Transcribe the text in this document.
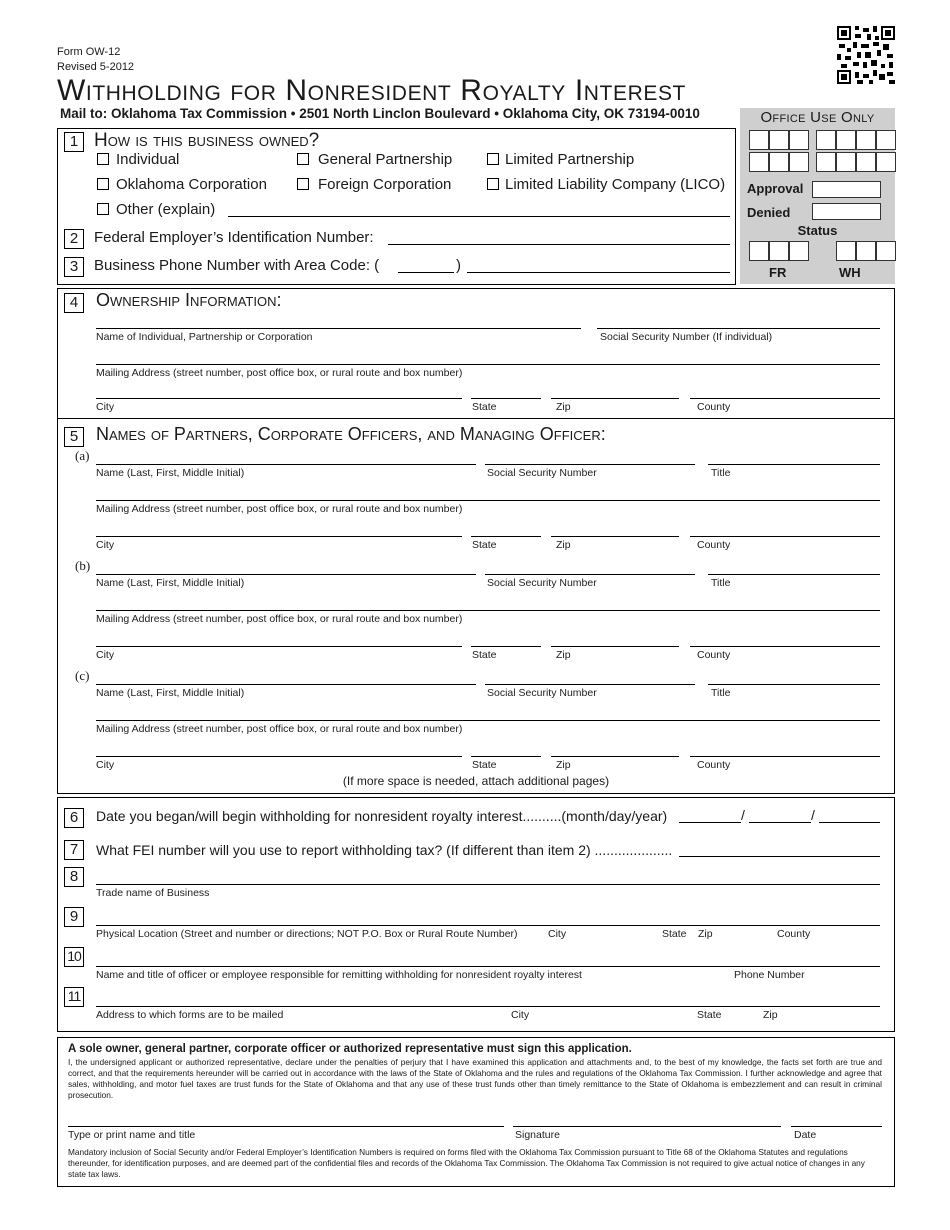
Form OW-12
Revised 5-2012
Withholding for Nonresident Royalty Interest
Mail to: Oklahoma Tax Commission • 2501 North Linclon Boulevard • Oklahoma City, OK 73194-0010	Office Use Only
Approval
Denied
Status
FR	WH
1 How is this business owned?
Individual	General Partnership	Limited Partnership
Oklahoma Corporation	Foreign Corporation	Limited Liability Company (LICO)
Other (explain)
2	Federal Employer’s Identification Number:
3	Business Phone Number with Area Code: (	)
4 Ownership Information:
Name of Individual, Partnership or Corporation	Social Security Number (If individual)
Mailing Address (street number, post office box, or rural route and box number)
City	State	Zip	County
5 Names of Partners, Corporate Officers, and Managing Officer:
(a)
Name (Last, First, Middle Initial)	Social Security Number	Title
Mailing Address (street number, post office box, or rural route and box number)
City	State	Zip	County
(b)
Name (Last, First, Middle Initial)	Social Security Number	Title
Mailing Address (street number, post office box, or rural route and box number)
City	State	Zip	County
(c)
Name (Last, First, Middle Initial)	Social Security Number	Title
Mailing Address (street number, post office box, or rural route and box number)
City	State	Zip	County
(If more space is needed, attach additional pages)
6	Date you began/will begin withholding for nonresident royalty interest..........(month/day/year)	/	/
7	What FEI number will you use to report withholding tax? (If different than item 2) ....................
8
Trade name of Business
9
Physical Location (Street and number or directions; NOT P.O. Box or Rural Route Number)	City	State Zip	County
10
Name and title of officer or employee responsible for remitting withholding for nonresident royalty interest	Phone Number
11
Address to which forms are to be mailed	City	State	Zip
A sole owner, general partner, corporate officer or authorized representative must sign this application.
I, the undersigned applicant or authorized representative, declare under the penalties of perjury that I have examined this application and attachments and, to the best of my knowledge, the facts set forth are true and correct, and that the requirements hereunder will be carried out in accordance with the laws of the State of Oklahoma and the rules and regulations of the Oklahoma Tax Commission. I further acknowledge and agree that sales, withholding, and motor fuel taxes are trust funds for the State of Oklahoma and that any use of these trust funds other than timely remittance to the State of Oklahoma is embezzlement and can result in criminal prosecution.
Type or print name and title	Signature	Date
Mandatory inclusion of Social Security and/or Federal Employer’s Identification Numbers is required on forms filed with the Oklahoma Tax Commission pursuant to Title 68 of the Oklahoma Statutes and regulations thereunder, for identification purposes, and are deemed part of the confidential files and records of the Oklahoma Tax Commission. The Oklahoma Tax Commission is not required to give actual notice of changes in any state tax laws.
